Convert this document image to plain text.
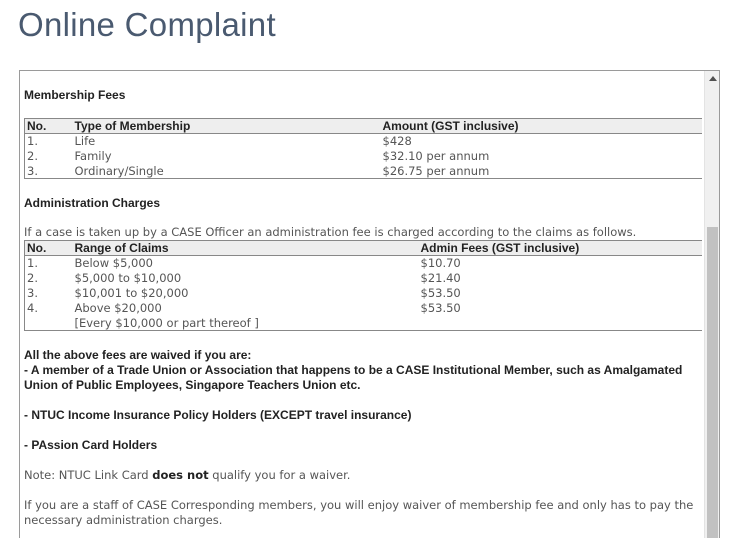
Online Complaint
Membership Fees
No.	Type of Membership	Amount (GST inclusive)
1.	Life	$428
2.	Family	$32.10 per annum
3.	Ordinary/Single	$26.75 per annum
Administration Charges
If a case is taken up by a CASE Officer an administration fee is charged according to the claims as follows.
No.	Range of Claims	Admin Fees (GST inclusive)
1.	Below $5,000	$10.70
2.	$5,000 to $10,000	$21.40
3.	$10,001 to $20,000	$53.50
4.	Above $20,000	$53.50
	[Every $10,000 or part thereof ]	
All the above fees are waived if you are:
- A member of a Trade Union or Association that happens to be a CASE Institutional Member, such as Amalgamated Union of Public Employees, Singapore Teachers Union etc.
- NTUC Income Insurance Policy Holders (EXCEPT travel insurance)
- PAssion Card Holders
Note: NTUC Link Card does not qualify you for a waiver.
If you are a staff of CASE Corresponding members, you will enjoy waiver of membership fee and only has to pay the necessary administration charges.
